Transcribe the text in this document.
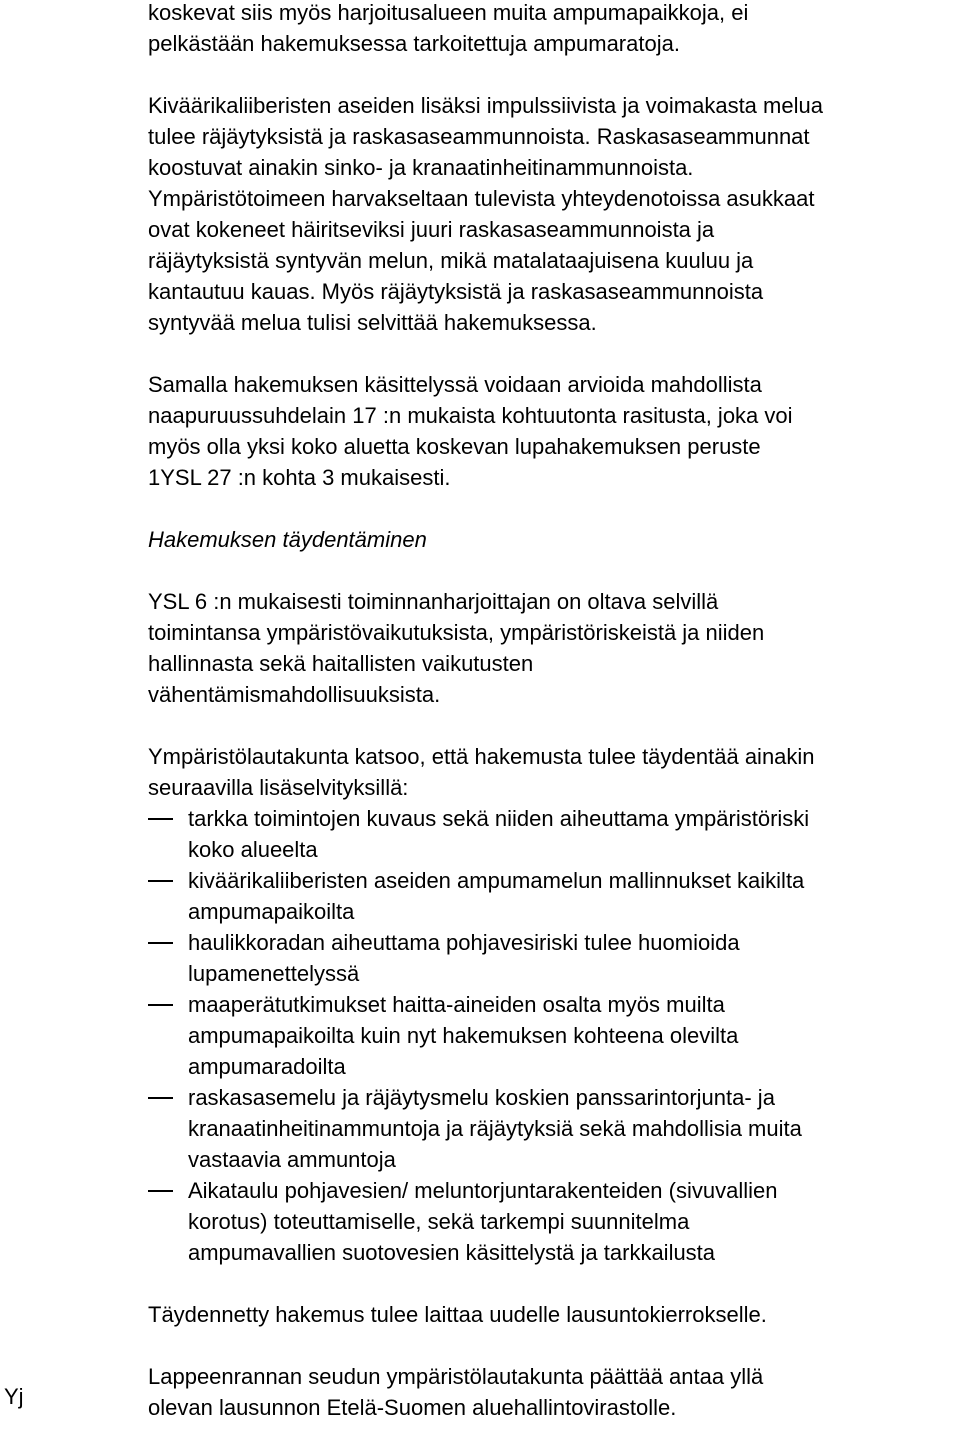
koskevat siis myös harjoitusalueen muita ampumapaikkoja, ei
pelkästään hakemuksessa tarkoitettuja ampumaratoja.

Kiväärikaliiberisten aseiden lisäksi impulssiivista ja voimakasta melua
tulee räjäytyksistä ja raskasaseammunnoista. Raskasaseammunnat
koostuvat ainakin sinko- ja kranaatinheitinammunnoista.
Ympäristötoimeen harvakseltaan tulevista yhteydenotoissa asukkaat
ovat kokeneet häiritseviksi juuri raskasaseammunnoista ja
räjäytyksistä syntyvän melun, mikä matalataajuisena kuuluu ja
kantautuu kauas. Myös räjäytyksistä ja raskasaseammunnoista
syntyvää melua tulisi selvittää hakemuksessa.

Samalla hakemuksen käsittelyssä voidaan arvioida mahdollista
naapuruussuhdelain 17 :n mukaista kohtuutonta rasitusta, joka voi
myös olla yksi koko aluetta koskevan lupahakemuksen peruste
1YSL 27 :n kohta 3 mukaisesti.

Hakemuksen täydentäminen

YSL 6 :n mukaisesti toiminnanharjoittajan on oltava selvillä
toimintansa ympäristövaikutuksista, ympäristöriskeistä ja niiden
hallinnasta sekä haitallisten vaikutusten
vähentämismahdollisuuksista.

Ympäristölautakunta katsoo, että hakemusta tulee täydentää ainakin
seuraavilla lisäselvityksillä:

tarkka toimintojen kuvaus sekä niiden aiheuttama ympäristöriski
koko alueelta
kiväärikaliiberisten aseiden ampumamelun mallinnukset kaikilta
ampumapaikoilta
haulikkoradan aiheuttama pohjavesiriski tulee huomioida
lupamenettelyssä
maaperätutkimukset haitta-aineiden osalta myös muilta
ampumapaikoilta kuin nyt hakemuksen kohteena olevilta
ampumaradoilta
raskasasemelu ja räjäytysmelu koskien panssarintorjunta- ja
kranaatinheitinammuntoja ja räjäytyksiä sekä mahdollisia muita
vastaavia ammuntoja
Aikataulu pohjavesien/ meluntorjuntarakenteiden (sivuvallien
korotus) toteuttamiselle, sekä tarkempi suunnitelma
ampumavallien suotovesien käsittelystä ja tarkkailusta

Täydennetty hakemus tulee laittaa uudelle lausuntokierrokselle.

Lappeenrannan seudun ympäristölautakunta päättää antaa yllä
olevan lausunnon Etelä-Suomen aluehallintovirastolle.

Yj
